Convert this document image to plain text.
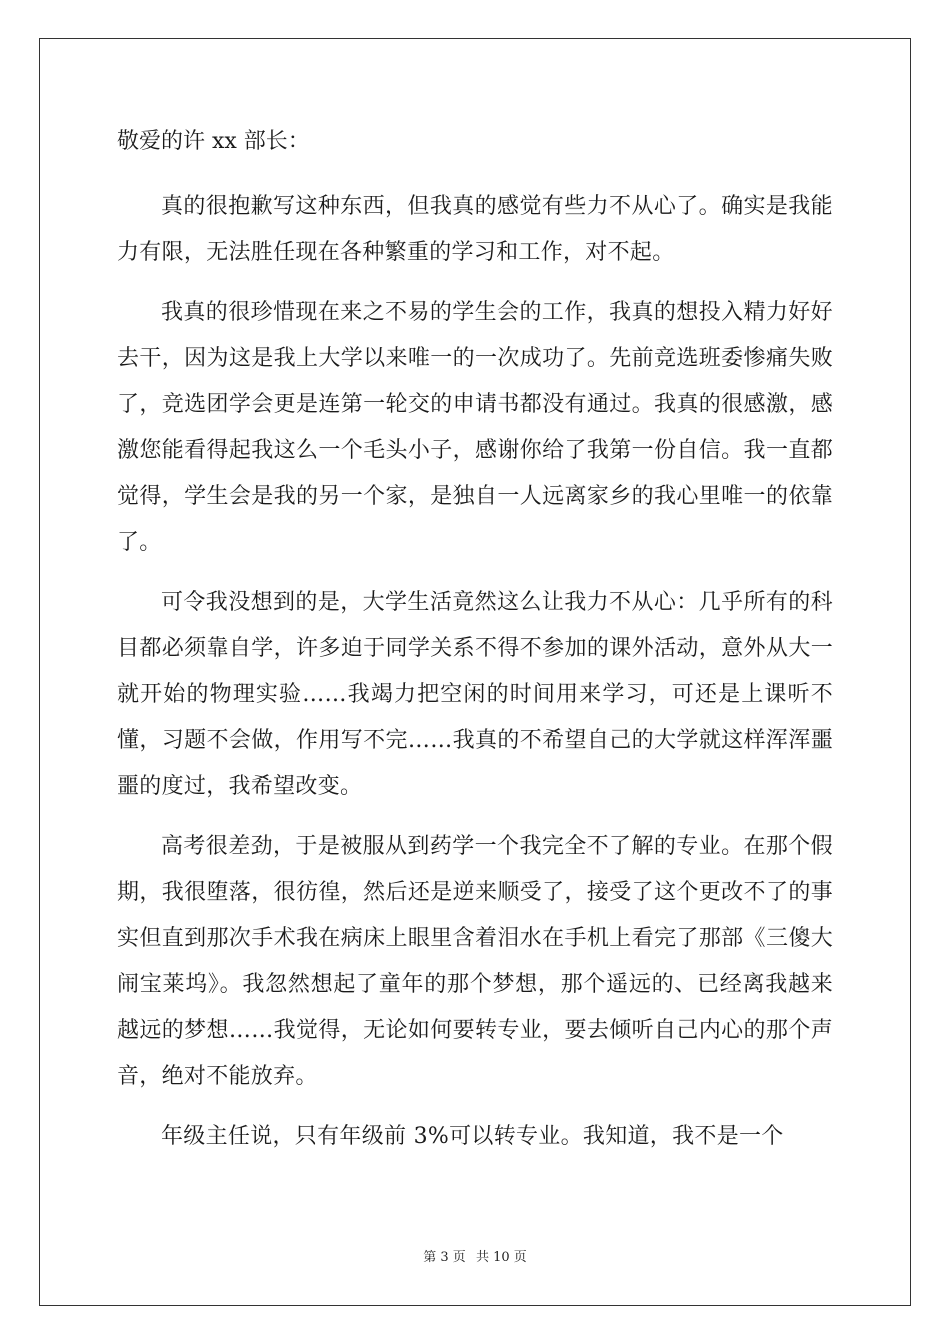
敬爱的许 xx 部长：

真的很抱歉写这种东西，但我真的感觉有些力不从心了。确实是我能力有限，无法胜任现在各种繁重的学习和工作，对不起。

我真的很珍惜现在来之不易的学生会的工作，我真的想投入精力好好去干，因为这是我上大学以来唯一的一次成功了。先前竞选班委惨痛失败了，竞选团学会更是连第一轮交的申请书都没有通过。我真的很感激，感激您能看得起我这么一个毛头小子，感谢你给了我第一份自信。我一直都觉得，学生会是我的另一个家，是独自一人远离家乡的我心里唯一的依靠了。

可令我没想到的是，大学生活竟然这么让我力不从心：几乎所有的科目都必须靠自学，许多迫于同学关系不得不参加的课外活动，意外从大一就开始的物理实验……我竭力把空闲的时间用来学习，可还是上课听不懂，习题不会做，作用写不完……我真的不希望自己的大学就这样浑浑噩噩的度过，我希望改变。

高考很差劲，于是被服从到药学一个我完全不了解的专业。在那个假期，我很堕落，很彷徨，然后还是逆来顺受了，接受了这个更改不了的事实但直到那次手术我在病床上眼里含着泪水在手机上看完了那部《三傻大闹宝莱坞》。我忽然想起了童年的那个梦想，那个遥远的、已经离我越来越远的梦想……我觉得，无论如何要转专业，要去倾听自己内心的那个声音，绝对不能放弃。

年级主任说，只有年级前 3%可以转专业。我知道，我不是一个

第 3 页 共 10 页
